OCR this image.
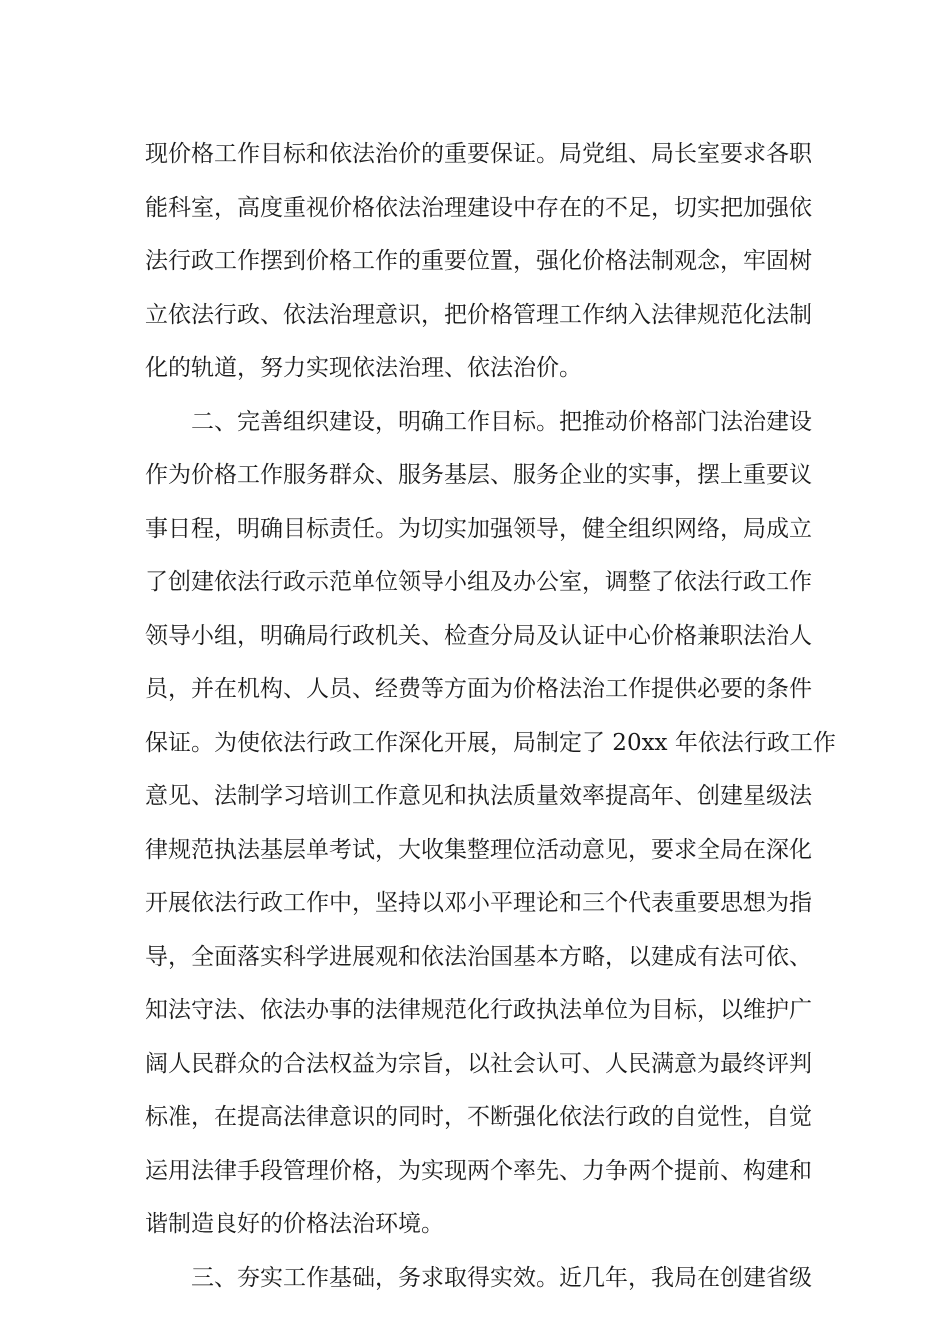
现价格工作目标和依法治价的重要保证。局党组、局长室要求各职
能科室，高度重视价格依法治理建设中存在的不足，切实把加强依
法行政工作摆到价格工作的重要位置，强化价格法制观念，牢固树
立依法行政、依法治理意识，把价格管理工作纳入法律规范化法制
化的轨道，努力实现依法治理、依法治价。
二、完善组织建设，明确工作目标。把推动价格部门法治建设
作为价格工作服务群众、服务基层、服务企业的实事，摆上重要议
事日程，明确目标责任。为切实加强领导，健全组织网络，局成立
了创建依法行政示范单位领导小组及办公室，调整了依法行政工作
领导小组，明确局行政机关、检查分局及认证中心价格兼职法治人
员，并在机构、人员、经费等方面为价格法治工作提供必要的条件
保证。为使依法行政工作深化开展，局制定了 20xx 年依法行政工作
意见、法制学习培训工作意见和执法质量效率提高年、创建星级法
律规范执法基层单考试，大收集整理位活动意见，要求全局在深化
开展依法行政工作中，坚持以邓小平理论和三个代表重要思想为指
导，全面落实科学进展观和依法治国基本方略，以建成有法可依、
知法守法、依法办事的法律规范化行政执法单位为目标，以维护广
阔人民群众的合法权益为宗旨，以社会认可、人民满意为最终评判
标准，在提高法律意识的同时，不断强化依法行政的自觉性，自觉
运用法律手段管理价格，为实现两个率先、力争两个提前、构建和
谐制造良好的价格法治环境。
三、夯实工作基础，务求取得实效。近几年，我局在创建省级
